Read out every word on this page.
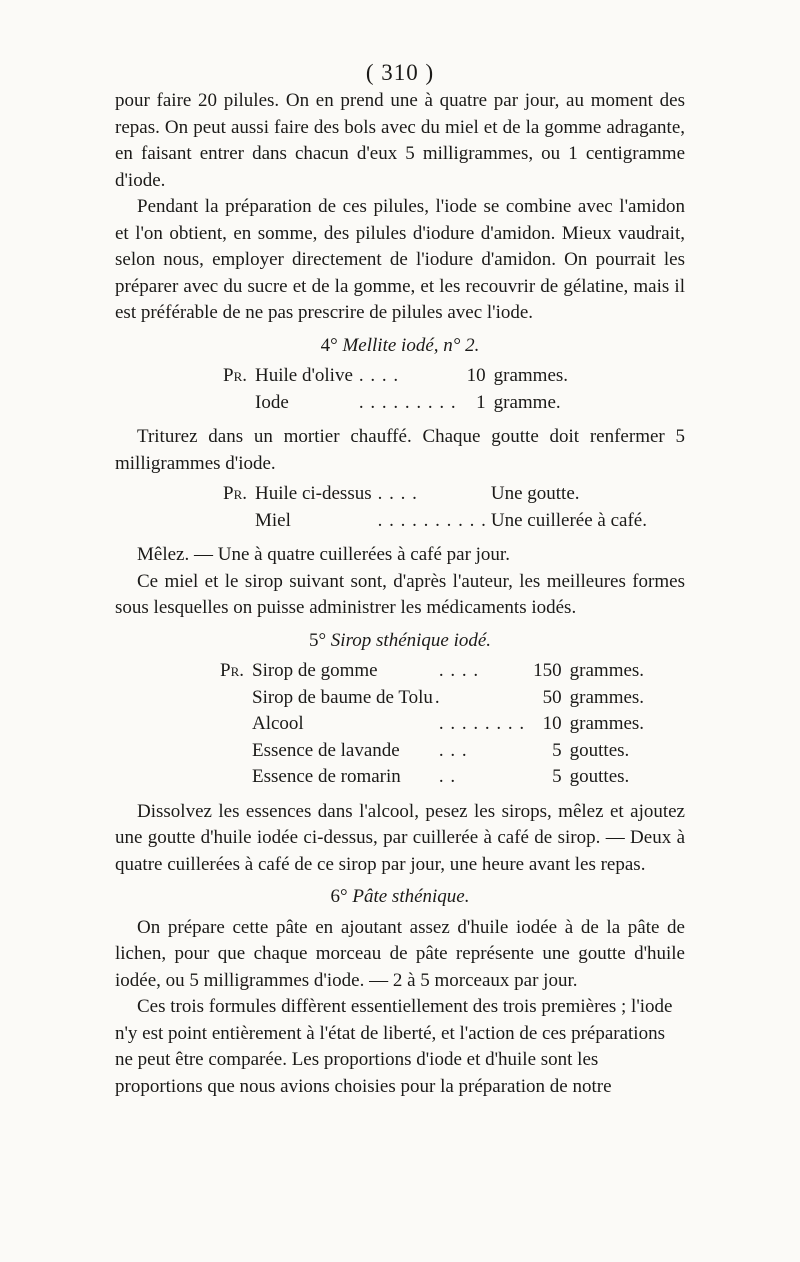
( 310 )

pour faire 20 pilules. On en prend une à quatre par jour, au moment des repas. On peut aussi faire des bols avec du miel et de la gomme adragante, en faisant entrer dans chacun d'eux 5 milligrammes, ou 1 centigramme d'iode.

Pendant la préparation de ces pilules, l'iode se combine avec l'amidon et l'on obtient, en somme, des pilules d'iodure d'amidon. Mieux vaudrait, selon nous, employer directement de l'iodure d'amidon. On pourrait les préparer avec du sucre et de la gomme, et les recouvrir de gélatine, mais il est préférable de ne pas prescrire de pilules avec l'iode.

4° Mellite iodé, n° 2.
Pr.	Huile d'olive	. . . .	10	grammes.
	Iode	. . . . . . . . .	1	gramme.

Triturez dans un mortier chauffé. Chaque goutte doit renfermer 5 milligrammes d'iode.

Pr.	Huile ci-dessus	. . . .	Une goutte.
	Miel	. . . . . . . . . .	Une cuillerée à café.

Mêlez. — Une à quatre cuillerées à café par jour.

Ce miel et le sirop suivant sont, d'après l'auteur, les meilleures formes sous lesquelles on puisse administrer les médicaments iodés.

5° Sirop sthénique iodé.
Pr.	Sirop de gomme	. . . .	150	grammes.
	Sirop de baume de Tolu	.	50	grammes.
	Alcool	. . . . . . . .	10	grammes.
	Essence de lavande	. . .	5	gouttes.
	Essence de romarin	. .	5	gouttes.

Dissolvez les essences dans l'alcool, pesez les sirops, mêlez et ajoutez une goutte d'huile iodée ci-dessus, par cuillerée à café de sirop. — Deux à quatre cuillerées à café de ce sirop par jour, une heure avant les repas.

6° Pâte sthénique.

On prépare cette pâte en ajoutant assez d'huile iodée à de la pâte de lichen, pour que chaque morceau de pâte représente une goutte d'huile iodée, ou 5 milligrammes d'iode. — 2 à 5 morceaux par jour.

Ces trois formules diffèrent essentiellement des trois premières ; l'iode n'y est point entièrement à l'état de liberté, et l'action de ces préparations ne peut être comparée. Les proportions d'iode et d'huile sont les proportions que nous avions choisies pour la préparation de notre
